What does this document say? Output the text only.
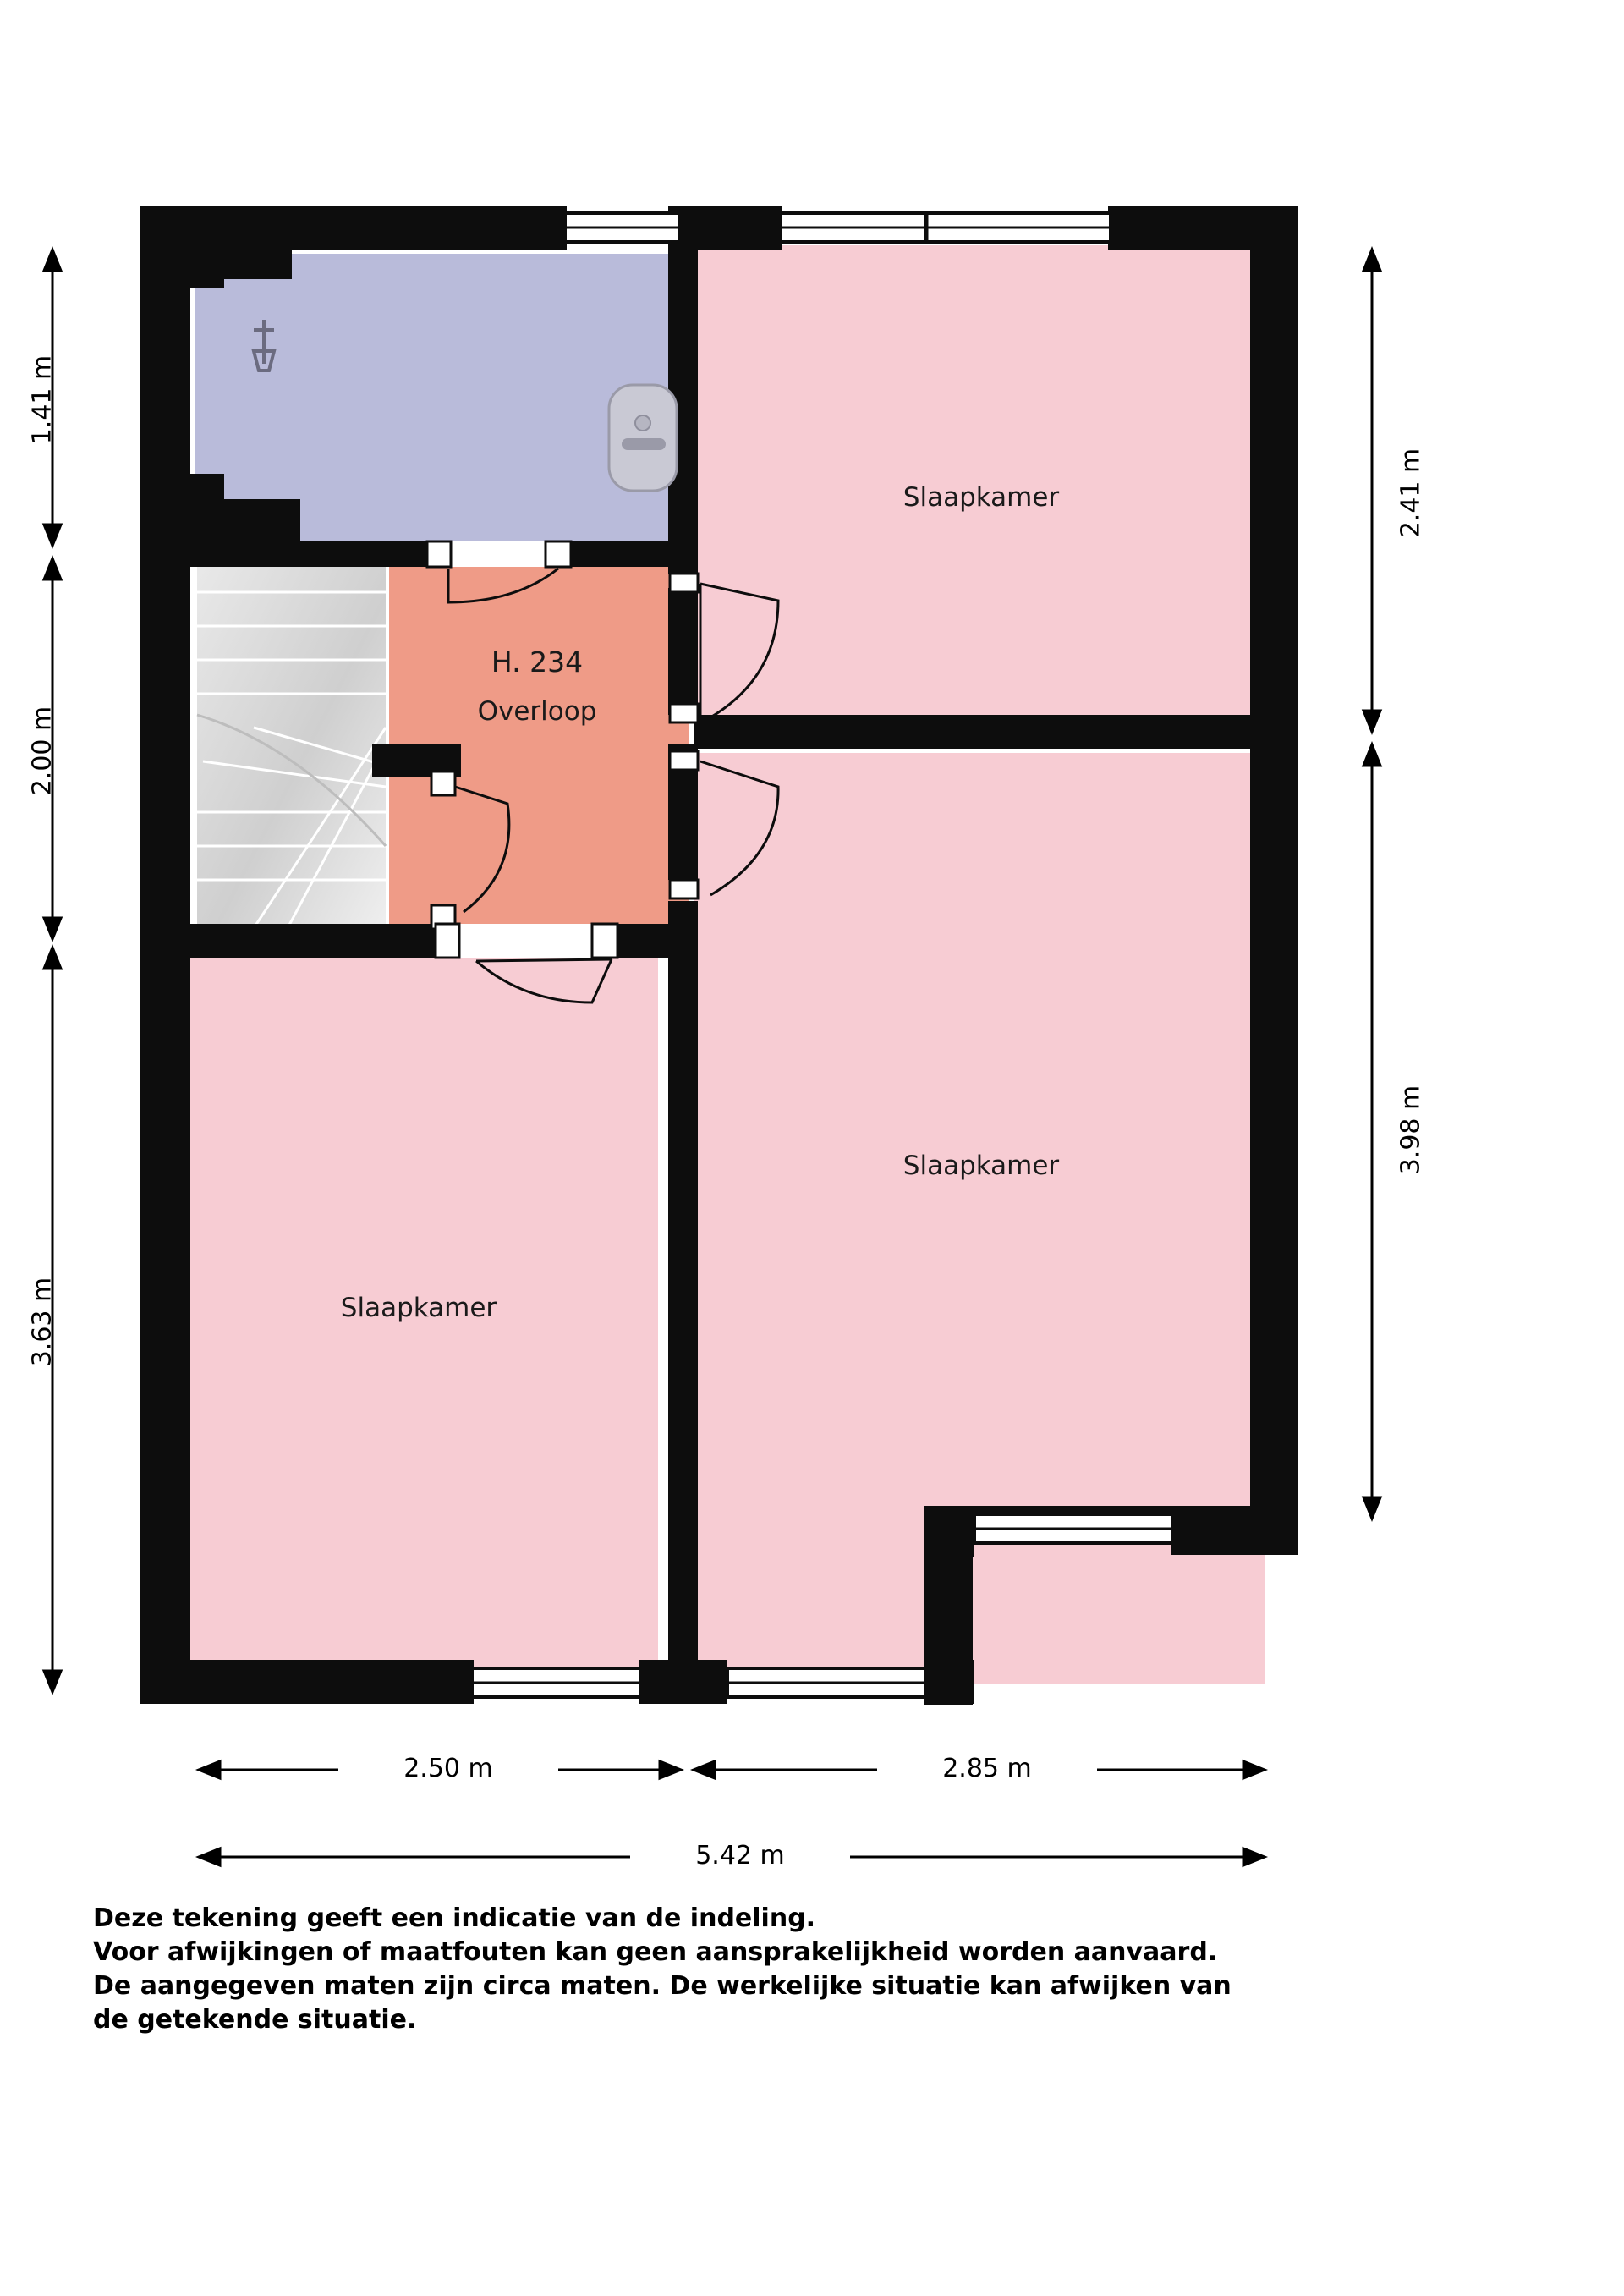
H. 234
Overloop
Slaapkamer
Slaapkamer
Slaapkamer
1.41 m
2.00 m
3.63 m
2.41 m
3.98 m
2.50 m	2.85 m
5.42 m
Deze tekening geeft een indicatie van de indeling.
Voor afwijkingen of maatfouten kan geen aansprakelijkheid worden aanvaard.
De aangegeven maten zijn circa maten. De werkelijke situatie kan afwijken van
de getekende situatie.
